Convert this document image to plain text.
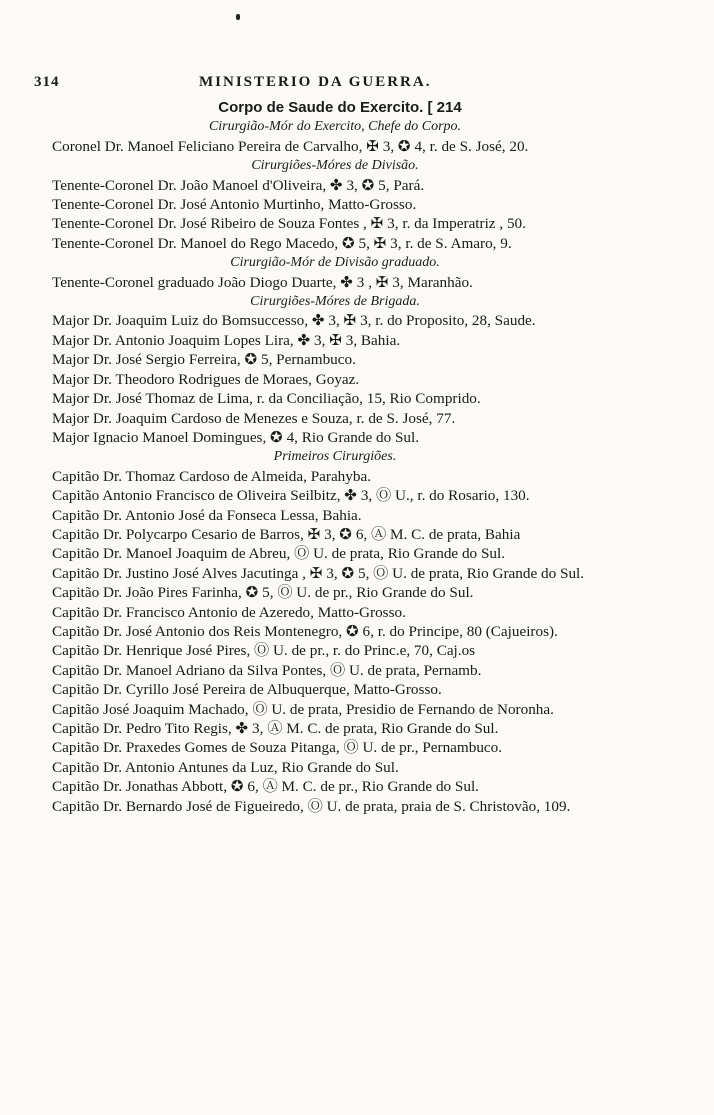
314	MINISTERIO DA GUERRA.
Corpo de Saude do Exercito. [ 214
Cirurgião-Mór do Exercito, Chefe do Corpo.
Coronel Dr. Manoel Feliciano Pereira de Carvalho, ✠ 3, ✪ 4, r. de S. José, 20.
Cirurgiões-Móres de Divisão.
Tenente-Coronel Dr. João Manoel d'Oliveira, ✤ 3, ✪ 5, Pará.
Tenente-Coronel Dr. José Antonio Murtinho, Matto-Grosso.
Tenente-Coronel Dr. José Ribeiro de Souza Fontes , ✠ 3, r. da Imperatriz , 50.
Tenente-Coronel Dr. Manoel do Rego Macedo, ✪ 5, ✠ 3, r. de S. Amaro, 9.
Cirurgião-Mór de Divisão graduado.
Tenente-Coronel graduado João Diogo Duarte, ✤ 3 , ✠ 3, Maranhão.
Cirurgiões-Móres de Brigada.
Major Dr. Joaquim Luiz do Bomsuccesso, ✤ 3, ✠ 3, r. do Proposito, 28, Saude.
Major Dr. Antonio Joaquim Lopes Lira, ✤ 3, ✠ 3, Bahia.
Major Dr. José Sergio Ferreira, ✪ 5, Pernambuco.
Major Dr. Theodoro Rodrigues de Moraes, Goyaz.
Major Dr. José Thomaz de Lima, r. da Conciliação, 15, Rio Comprido.
Major Dr. Joaquim Cardoso de Menezes e Souza, r. de S. José, 77.
Major Ignacio Manoel Domingues, ✪ 4, Rio Grande do Sul.
Primeiros Cirurgiões.
Capitão Dr. Thomaz Cardoso de Almeida, Parahyba.
Capitão Antonio Francisco de Oliveira Seilbitz, ✤ 3, Ⓞ U., r. do Rosario, 130.
Capitão Dr. Antonio José da Fonseca Lessa, Bahia.
Capitão Dr. Polycarpo Cesario de Barros, ✠ 3, ✪ 6, Ⓐ M. C. de prata, Bahia
Capitão Dr. Manoel Joaquim de Abreu, Ⓞ U. de prata, Rio Grande do Sul.
Capitão Dr. Justino José Alves Jacutinga , ✠ 3, ✪ 5, Ⓞ U. de prata, Rio Grande do Sul.
Capitão Dr. João Pires Farinha, ✪ 5, Ⓞ U. de pr., Rio Grande do Sul.
Capitão Dr. Francisco Antonio de Azeredo, Matto-Grosso.
Capitão Dr. José Antonio dos Reis Montenegro, ✪ 6, r. do Principe, 80 (Cajueiros).
Capitão Dr. Henrique José Pires, Ⓞ U. de pr., r. do Princ.e, 70, Caj.os
Capitão Dr. Manoel Adriano da Silva Pontes, Ⓞ U. de prata, Pernamb.
Capitão Dr. Cyrillo José Pereira de Albuquerque, Matto-Grosso.
Capitão José Joaquim Machado, Ⓞ U. de prata, Presidio de Fernando de Noronha.
Capitão Dr. Pedro Tito Regis, ✤ 3, Ⓐ M. C. de prata, Rio Grande do Sul.
Capitão Dr. Praxedes Gomes de Souza Pitanga, Ⓞ U. de pr., Pernambuco.
Capitão Dr. Antonio Antunes da Luz, Rio Grande do Sul.
Capitão Dr. Jonathas Abbott, ✪ 6, Ⓐ M. C. de pr., Rio Grande do Sul.
Capitão Dr. Bernardo José de Figueiredo, Ⓞ U. de prata, praia de S. Christovão, 109.
